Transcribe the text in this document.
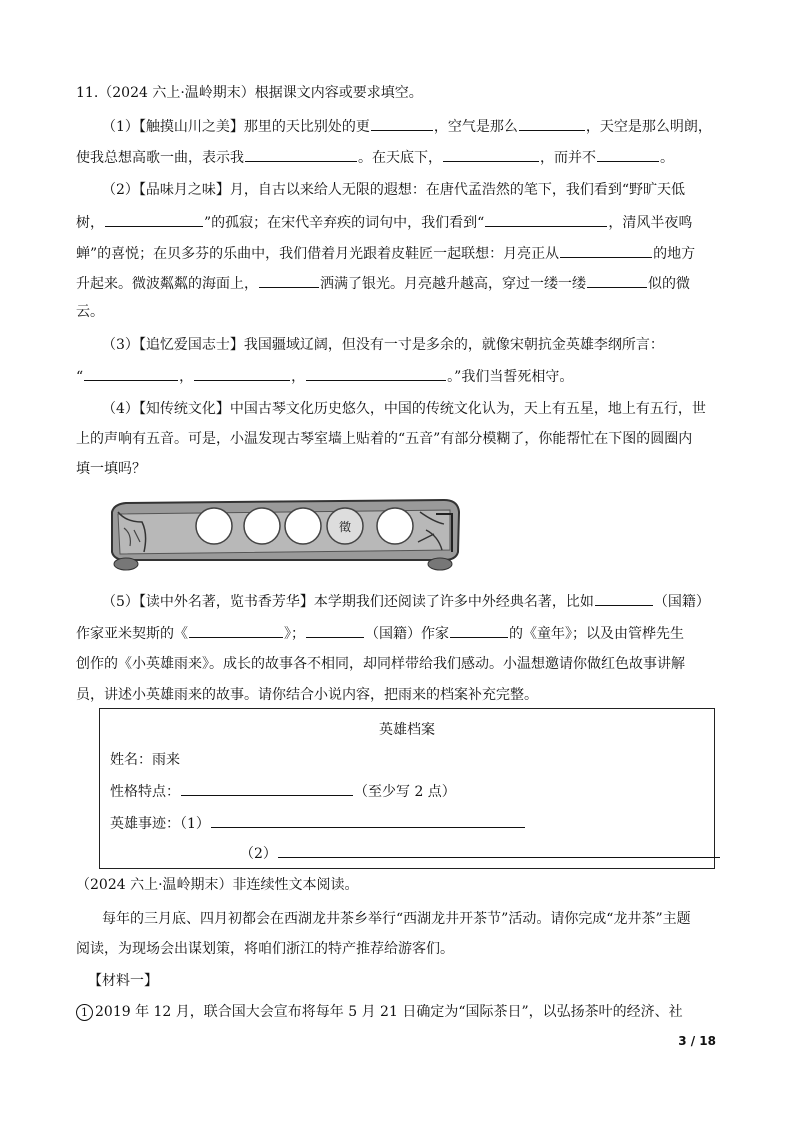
11.（2024 六上·温岭期末）根据课文内容或要求填空。
（1）【触摸山川之美】那里的天比别处的更	，空气是那么	，天空是那么明朗，
使我总想高歌一曲，表示我	。在天底下，	，而并不	。
（2）【品味月之味】月，自古以来给人无限的遐想：在唐代孟浩然的笔下，我们看到“野旷天低
树，	”的孤寂；在宋代辛弃疾的词句中，我们看到“	，清风半夜鸣
蝉”的喜悦；在贝多芬的乐曲中，我们借着月光跟着皮鞋匠一起联想：月亮正从	的地方
升起来。微波粼粼的海面上，	洒满了银光。月亮越升越高，穿过一缕一缕	似的微
云。
（3）【追忆爱国志士】我国疆域辽阔，但没有一寸是多余的，就像宋朝抗金英雄李纲所言：
“	，	，	。”我们当誓死相守。
（4）【知传统文化】中国古琴文化历史悠久，中国的传统文化认为，天上有五星，地上有五行，世
上的声响有五音。可是，小温发现古琴室墙上贴着的“五音”有部分模糊了，你能帮忙在下图的圆圈内
填一填吗？
徵
（5）【读中外名著，览书香芳华】本学期我们还阅读了许多中外经典名著，比如	（国籍）
作家亚米契斯的《	》；	（国籍）作家	的《童年》；以及由管桦先生
创作的《小英雄雨来》。成长的故事各不相同，却同样带给我们感动。小温想邀请你做红色故事讲解
员，讲述小英雄雨来的故事。请你结合小说内容，把雨来的档案补充完整。
英雄档案
姓名：雨来
性格特点：	（至少写 2 点）
英雄事迹：（1）
（2）
（2024 六上·温岭期末）非连续性文本阅读。
每年的三月底、四月初都会在西湖龙井茶乡举行“西湖龙井开茶节”活动。请你完成“龙井茶”主题
阅读，为现场会出谋划策，将咱们浙江的特产推荐给游客们。
【材料一】
1 2019 年 12 月，联合国大会宣布将每年 5 月 21 日确定为“国际茶日”，以弘扬茶叶的经济、社
3 / 18
